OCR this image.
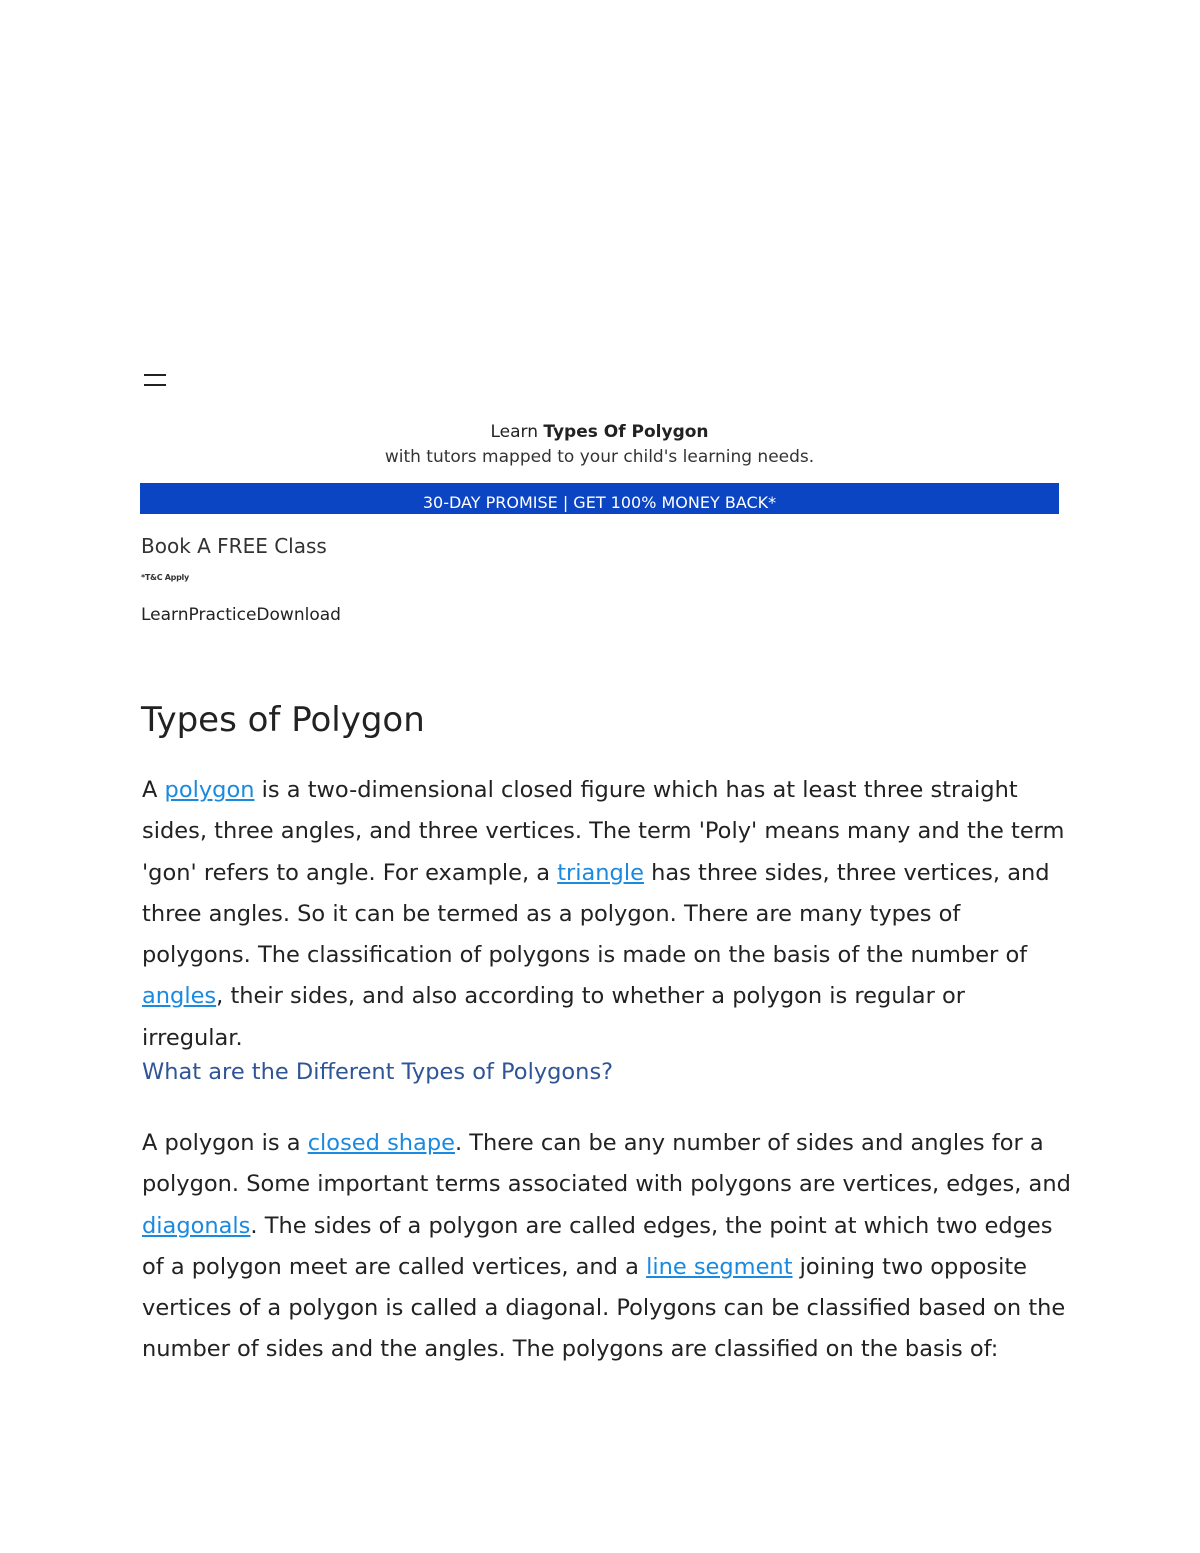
Learn Types Of Polygon
with tutors mapped to your child's learning needs.
30-DAY PROMISE | GET 100% MONEY BACK*
Book A FREE Class
*T&C Apply
LearnPracticeDownload
Types of Polygon

A polygon is a two-dimensional closed figure which has at least three straight sides, three angles, and three vertices. The term 'Poly' means many and the term 'gon' refers to angle. For example, a triangle has three sides, three vertices, and three angles. So it can be termed as a polygon. There are many types of polygons. The classification of polygons is made on the basis of the number of angles, their sides, and also according to whether a polygon is regular or irregular.

What are the Different Types of Polygons?

A polygon is a closed shape. There can be any number of sides and angles for a polygon. Some important terms associated with polygons are vertices, edges, and diagonals. The sides of a polygon are called edges, the point at which two edges of a polygon meet are called vertices, and a line segment joining two opposite vertices of a polygon is called a diagonal. Polygons can be classified based on the number of sides and the angles. The polygons are classified on the basis of:
